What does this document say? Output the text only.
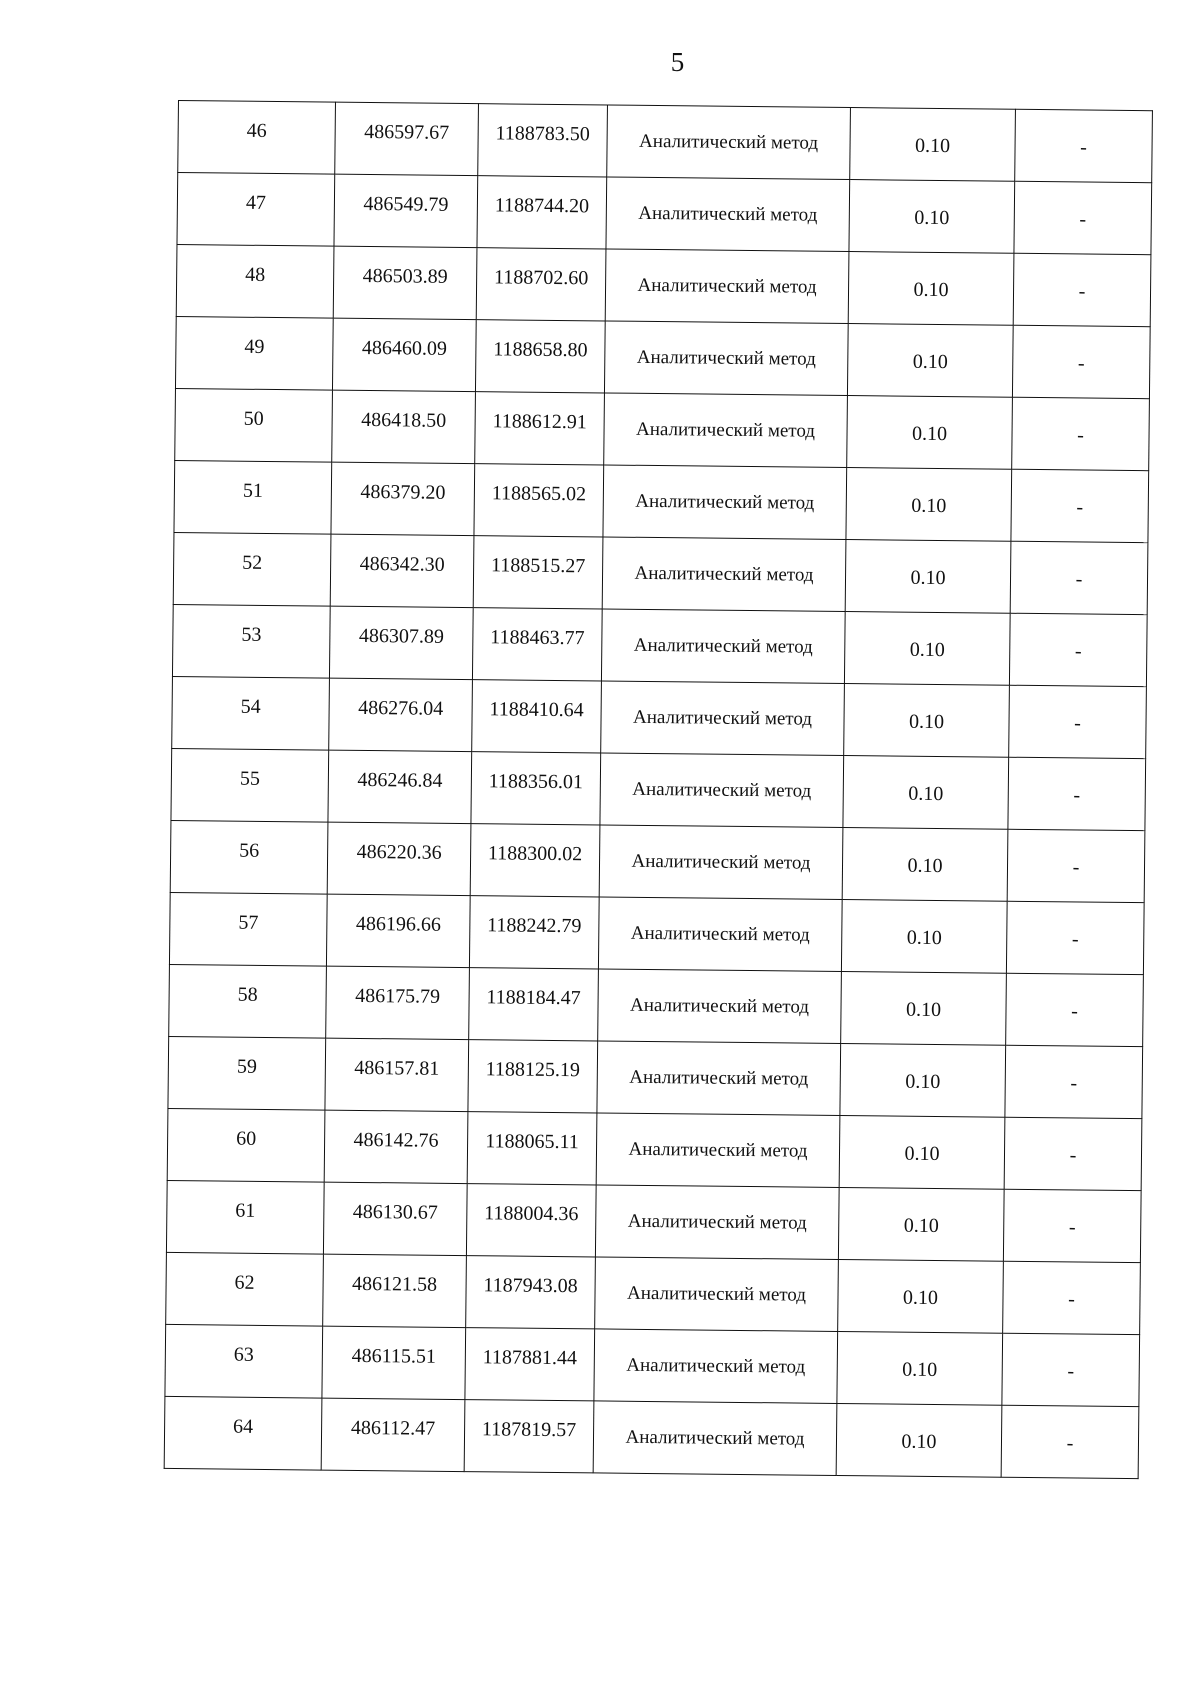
5
46	486597.67	1188783.50	Аналитический метод	0.10	-
47	486549.79	1188744.20	Аналитический метод	0.10	-
48	486503.89	1188702.60	Аналитический метод	0.10	-
49	486460.09	1188658.80	Аналитический метод	0.10	-
50	486418.50	1188612.91	Аналитический метод	0.10	-
51	486379.20	1188565.02	Аналитический метод	0.10	-
52	486342.30	1188515.27	Аналитический метод	0.10	-
53	486307.89	1188463.77	Аналитический метод	0.10	-
54	486276.04	1188410.64	Аналитический метод	0.10	-
55	486246.84	1188356.01	Аналитический метод	0.10	-
56	486220.36	1188300.02	Аналитический метод	0.10	-
57	486196.66	1188242.79	Аналитический метод	0.10	-
58	486175.79	1188184.47	Аналитический метод	0.10	-
59	486157.81	1188125.19	Аналитический метод	0.10	-
60	486142.76	1188065.11	Аналитический метод	0.10	-
61	486130.67	1188004.36	Аналитический метод	0.10	-
62	486121.58	1187943.08	Аналитический метод	0.10	-
63	486115.51	1187881.44	Аналитический метод	0.10	-
64	486112.47	1187819.57	Аналитический метод	0.10	-
